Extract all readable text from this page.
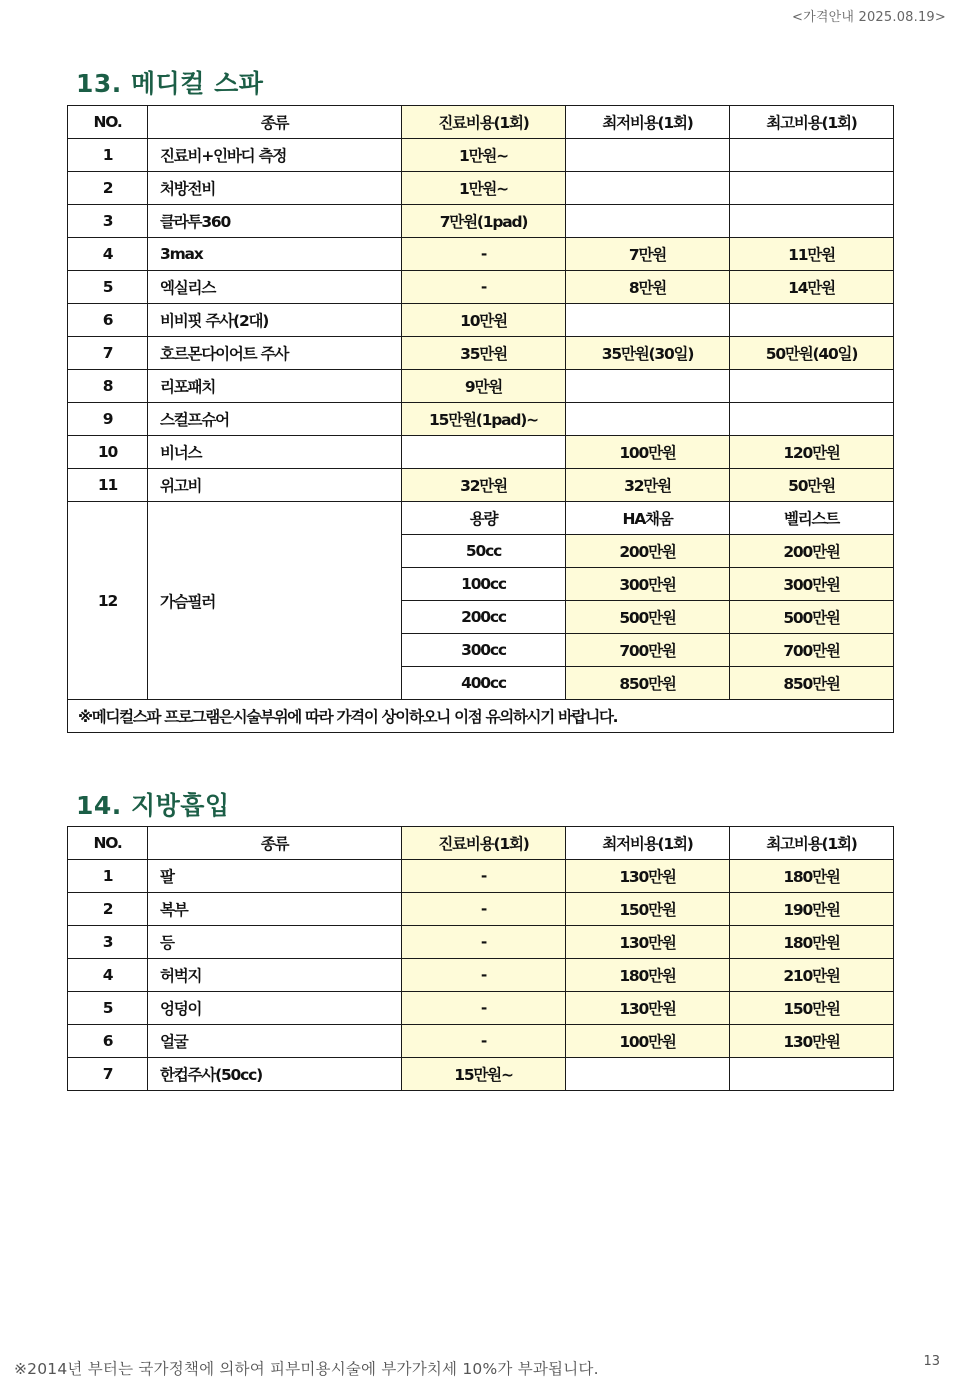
<가격안내 2025.08.19>
13. 메디컬 스파
NO.	종류	진료비용(1회)	최저비용(1회)	최고비용(1회)
1	진료비+인바디 측정	1만원~		
2	처방전비	1만원~		
3	클라투360	7만원(1pad)		
4	3max	-	7만원	11만원
5	엑실리스	-	8만원	14만원
6	비비핏 주사(2대)	10만원		
7	호르몬다이어트 주사	35만원	35만원(30일)	50만원(40일)
8	리포패치	9만원		
9	스컬프슈어	15만원(1pad)~		
10	비너스		100만원	120만원
11	위고비	32만원	32만원	50만원
12	가슴필러	용량	HA채움	벨리스트
		50cc	200만원	200만원
		100cc	300만원	300만원
		200cc	500만원	500만원
		300cc	700만원	700만원
		400cc	850만원	850만원
※메디컬스파 프로그램은시술부위에 따라 가격이 상이하오니 이점 유의하시기 바랍니다.				
14. 지방흡입
NO.	종류	진료비용(1회)	최저비용(1회)	최고비용(1회)
1	팔	-	130만원	180만원
2	복부	-	150만원	190만원
3	등	-	130만원	180만원
4	허벅지	-	180만원	210만원
5	엉덩이	-	130만원	150만원
6	얼굴	-	100만원	130만원
7	한컵주사(50cc)	15만원~		
※2014년 부터는 국가정책에 의하여 피부미용시술에 부가가치세 10%가 부과됩니다.	13
